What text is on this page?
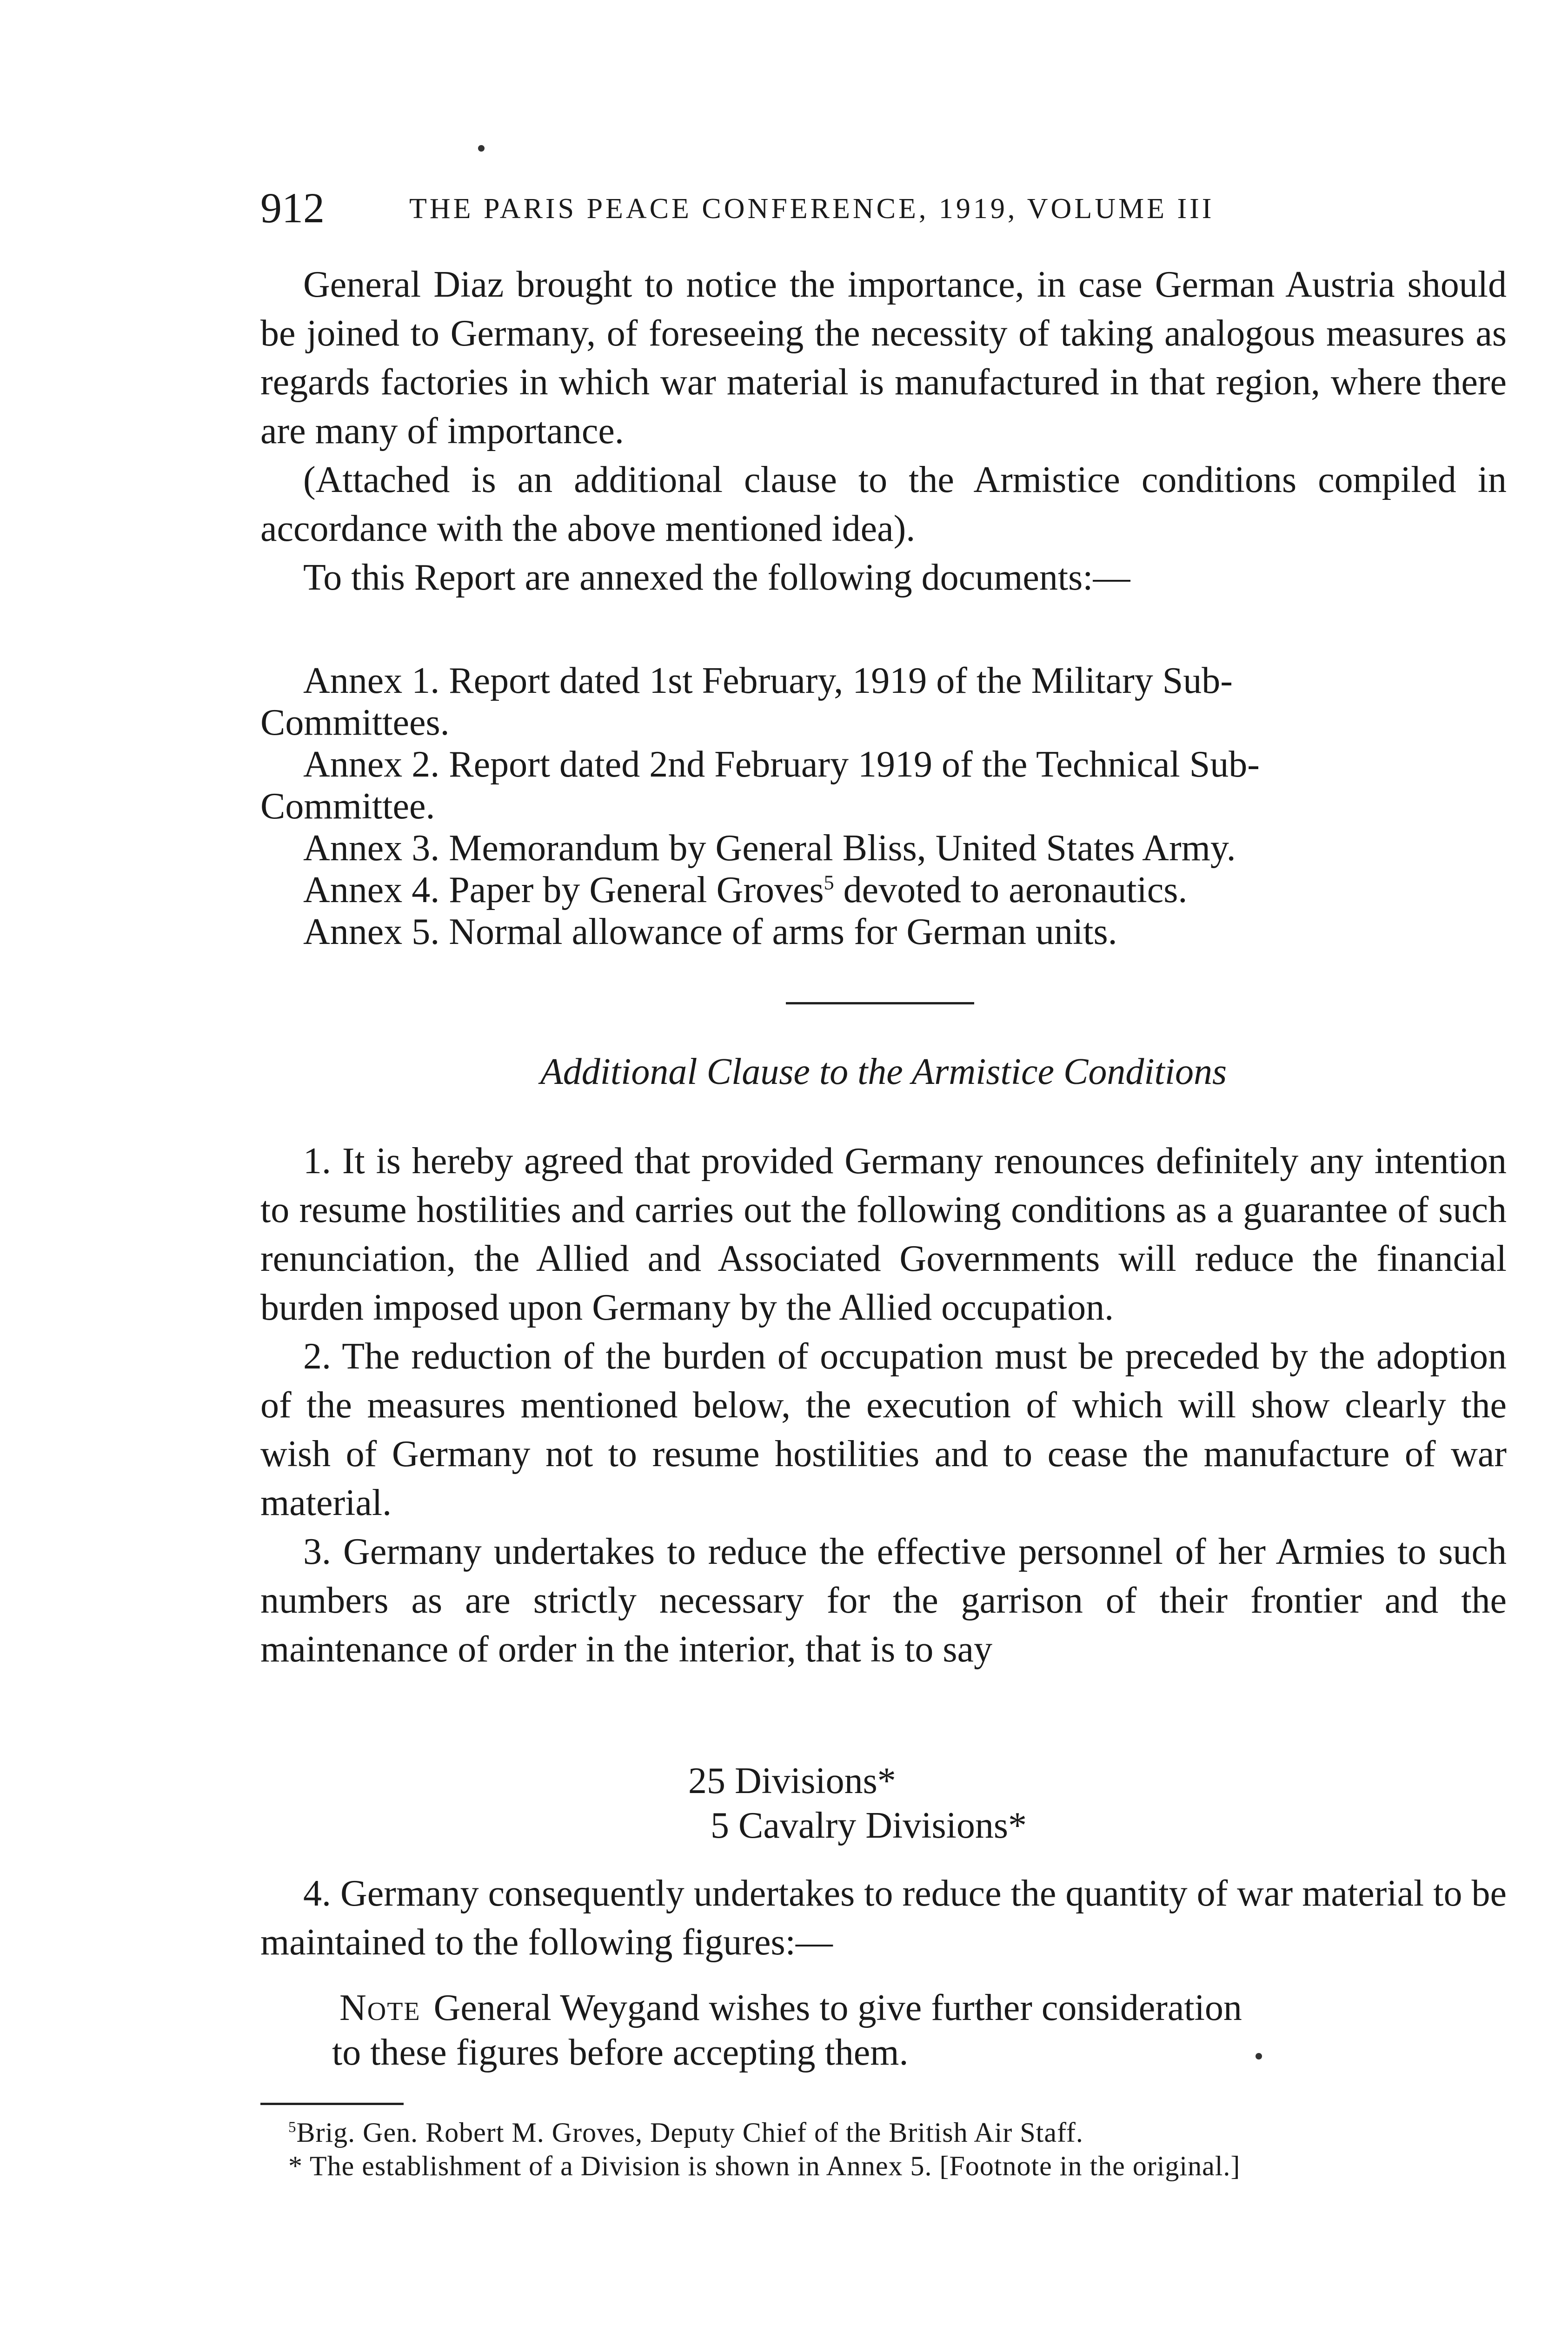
912	THE PARIS PEACE CONFERENCE, 1919, VOLUME III

General Diaz brought to notice the importance, in case German Austria should be joined to Germany, of foreseeing the necessity of taking analogous measures as regards factories in which war material is manufactured in that region, where there are many of importance.

(Attached is an additional clause to the Armistice conditions compiled in accordance with the above mentioned idea).

To this Report are annexed the following documents:—

Annex 1. Report dated 1st February, 1919 of the Military Sub-
Committees.
Annex 2. Report dated 2nd February 1919 of the Technical Sub-
Committee.
Annex 3. Memorandum by General Bliss, United States Army.
Annex 4. Paper by General Groves$^5$ devoted to aeronautics.
Annex 5. Normal allowance of arms for German units.
Additional Clause to the Armistice Conditions

1. It is hereby agreed that provided Germany renounces definitely any intention to resume hostilities and carries out the following conditions as a guarantee of such renunciation, the Allied and Associated Governments will reduce the financial burden imposed upon Germany by the Allied occupation.

2. The reduction of the burden of occupation must be preceded by the adoption of the measures mentioned below, the execution of which will show clearly the wish of Germany not to resume hostilities and to cease the manufacture of war material.

3. Germany undertakes to reduce the effective personnel of her Armies to such numbers as are strictly necessary for the garrison of their frontier and the maintenance of order in the interior, that is to say

25 Divisions*
5 Cavalry Divisions*

4. Germany consequently undertakes to reduce the quantity of war material to be maintained to the following figures:—

Note General Weygand wishes to give further consideration
to these figures before accepting them.
$^5$Brig. Gen. Robert M. Groves, Deputy Chief of the British Air Staff.
* The establishment of a Division is shown in Annex 5. [Footnote in the original.]
